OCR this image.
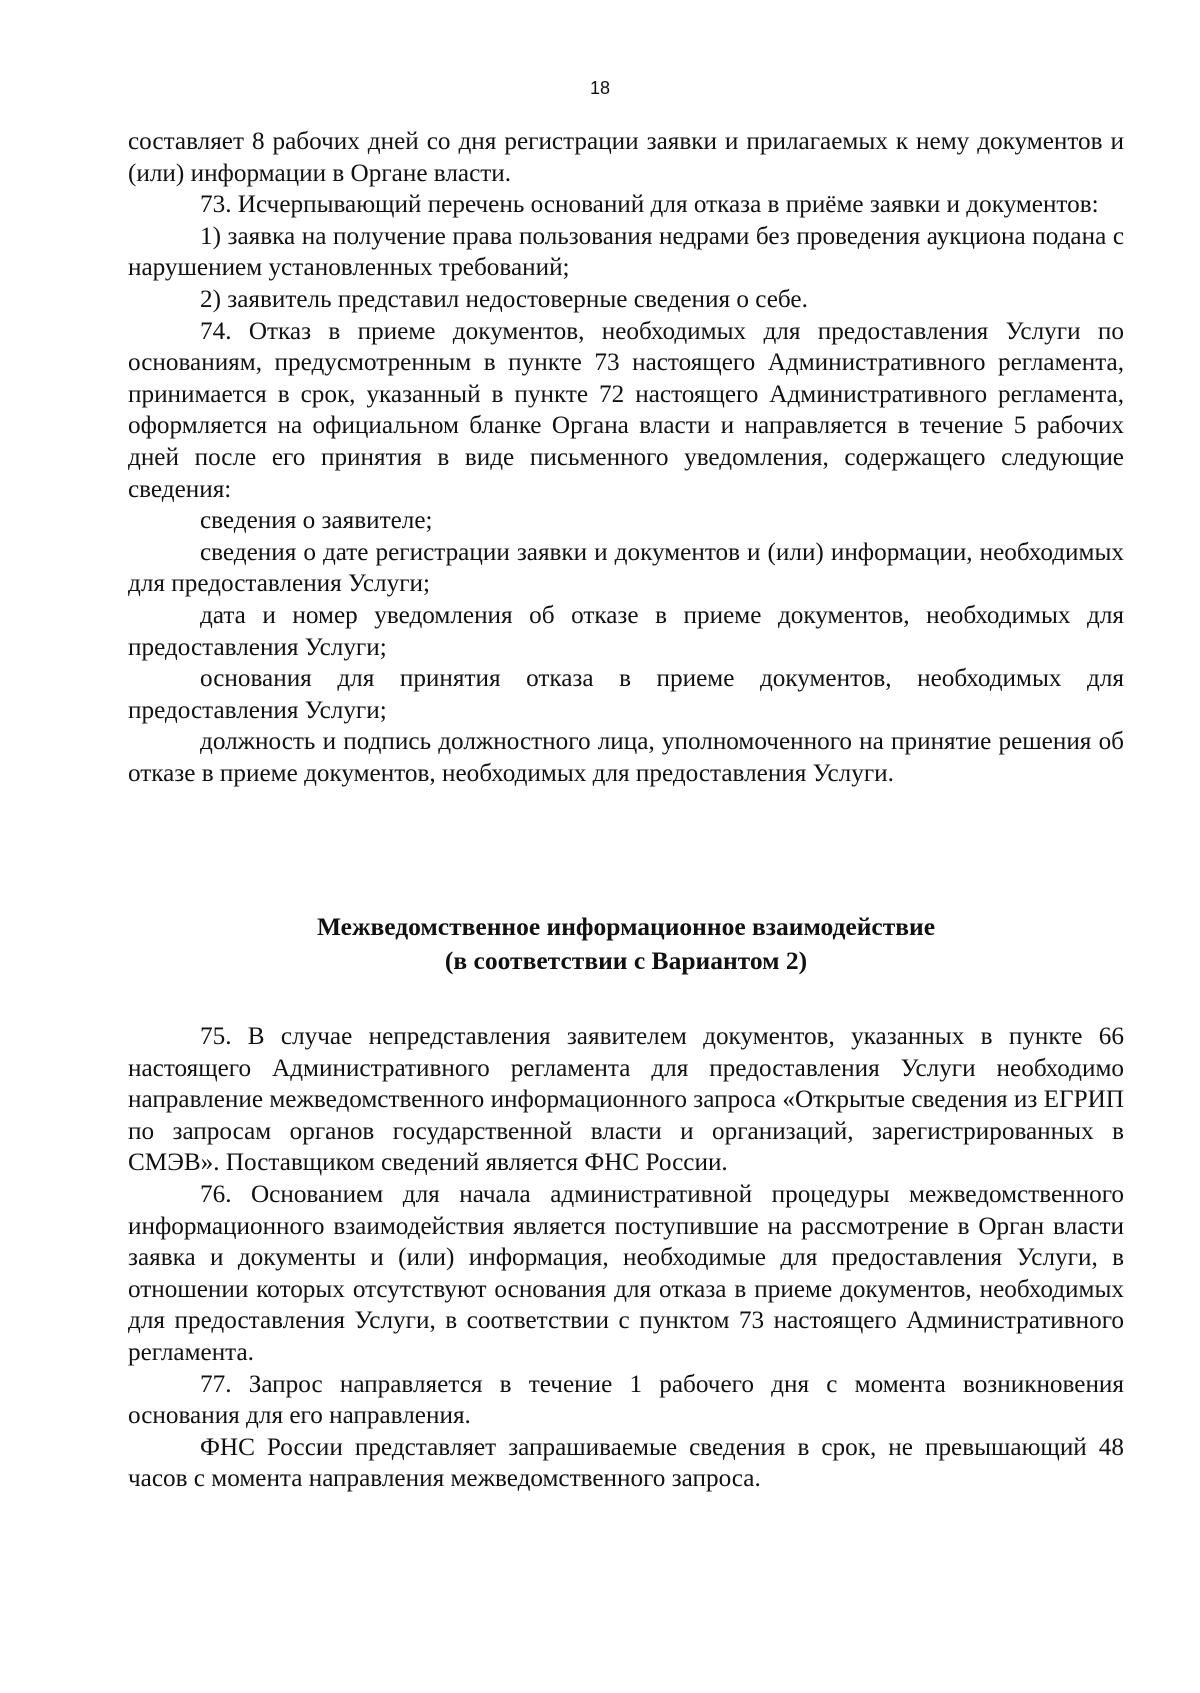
18

составляет 8 рабочих дней со дня регистрации заявки и прилагаемых к нему документов и (или) информации в Органе власти.

73. Исчерпывающий перечень оснований для отказа в приёме заявки и документов:

1) заявка на получение права пользования недрами без проведения аукциона подана с нарушением установленных требований;

2) заявитель представил недостоверные сведения о себе.

74. Отказ в приеме документов, необходимых для предоставления Услуги по основаниям, предусмотренным в пункте 73 настоящего Административного регламента, принимается в срок, указанный в пункте 72 настоящего Административного регламента, оформляется на официальном бланке Органа власти и направляется в течение 5 рабочих дней после его принятия в виде письменного уведомления, содержащего следующие сведения:

сведения о заявителе;

сведения о дате регистрации заявки и документов и (или) информации, необходимых для предоставления Услуги;

дата и номер уведомления об отказе в приеме документов, необходимых для предоставления Услуги;

основания для принятия отказа в приеме документов, необходимых для предоставления Услуги;

должность и подпись должностного лица, уполномоченного на принятие решения об отказе в приеме документов, необходимых для предоставления Услуги.

Межведомственное информационное взаимодействие
(в соответствии с Вариантом 2)

75. В случае непредставления заявителем документов, указанных в пункте 66 настоящего Административного регламента для предоставления Услуги необходимо направление межведомственного информационного запроса «Открытые сведения из ЕГРИП по запросам органов государственной власти и организаций, зарегистрированных в СМЭВ». Поставщиком сведений является ФНС России.

76. Основанием для начала административной процедуры межведомственного информационного взаимодействия является поступившие на рассмотрение в Орган власти заявка и документы и (или) информация, необходимые для предоставления Услуги, в отношении которых отсутствуют основания для отказа в приеме документов, необходимых для предоставления Услуги, в соответствии с пунктом 73 настоящего Административного регламента.

77. Запрос направляется в течение 1 рабочего дня с момента возникновения основания для его направления.

ФНС России представляет запрашиваемые сведения в срок, не превышающий 48 часов с момента направления межведомственного запроса.
